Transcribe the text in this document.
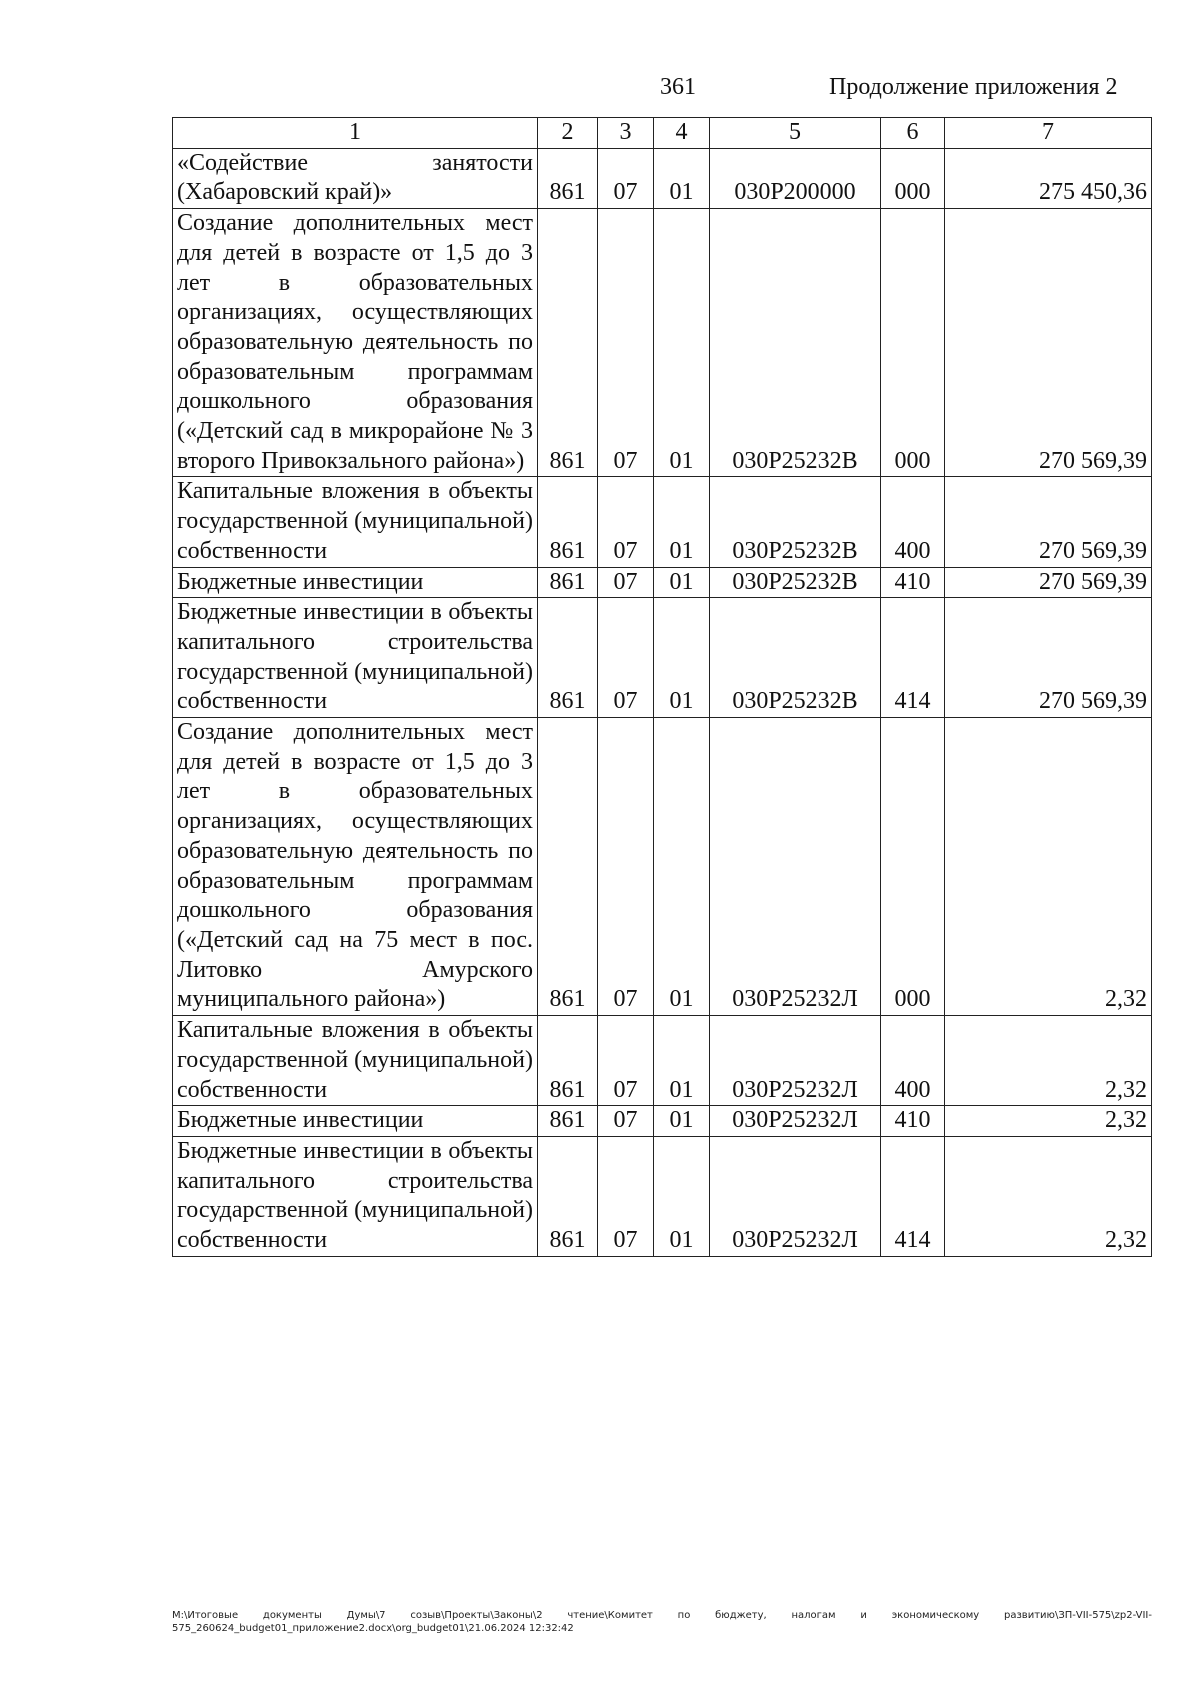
361	Продолжение приложения 2
1	2	3	4	5	6	7
«Содействие занятости (Хабаровский край)»	861	07	01	030P200000	000	275 450,36
Создание дополнительных мест для детей в возрасте от 1,5 до 3 лет в образовательных организациях, осуществляющих образовательную деятельность по образовательным программам дошкольного образования («Детский сад в микрорайоне № 3 второго Привокзального района»)	861	07	01	030P25232В	000	270 569,39
Капитальные вложения в объекты государственной (муниципальной) собственности	861	07	01	030P25232В	400	270 569,39
Бюджетные инвестиции	861	07	01	030P25232В	410	270 569,39
Бюджетные инвестиции в объекты капитального строительства государственной (муниципальной) собственности	861	07	01	030P25232В	414	270 569,39
Создание дополнительных мест для детей в возрасте от 1,5 до 3 лет в образовательных организациях, осуществляющих образовательную деятельность по образовательным программам дошкольного образования («Детский сад на 75 мест в пос. Литовко Амурского муниципального района»)	861	07	01	030P25232Л	000	2,32
Капитальные вложения в объекты государственной (муниципальной) собственности	861	07	01	030P25232Л	400	2,32
Бюджетные инвестиции	861	07	01	030P25232Л	410	2,32
Бюджетные инвестиции в объекты капитального строительства государственной (муниципальной) собственности	861	07	01	030P25232Л	414	2,32
M:\Итоговые документы Думы\7 созыв\Проекты\Законы\2 чтение\Комитет по бюджету, налогам и экономическому развитию\ЗП-VII-575\zp2-VII-575_260624_budget01_приложение2.docx\org_budget01\21.06.2024 12:32:42
